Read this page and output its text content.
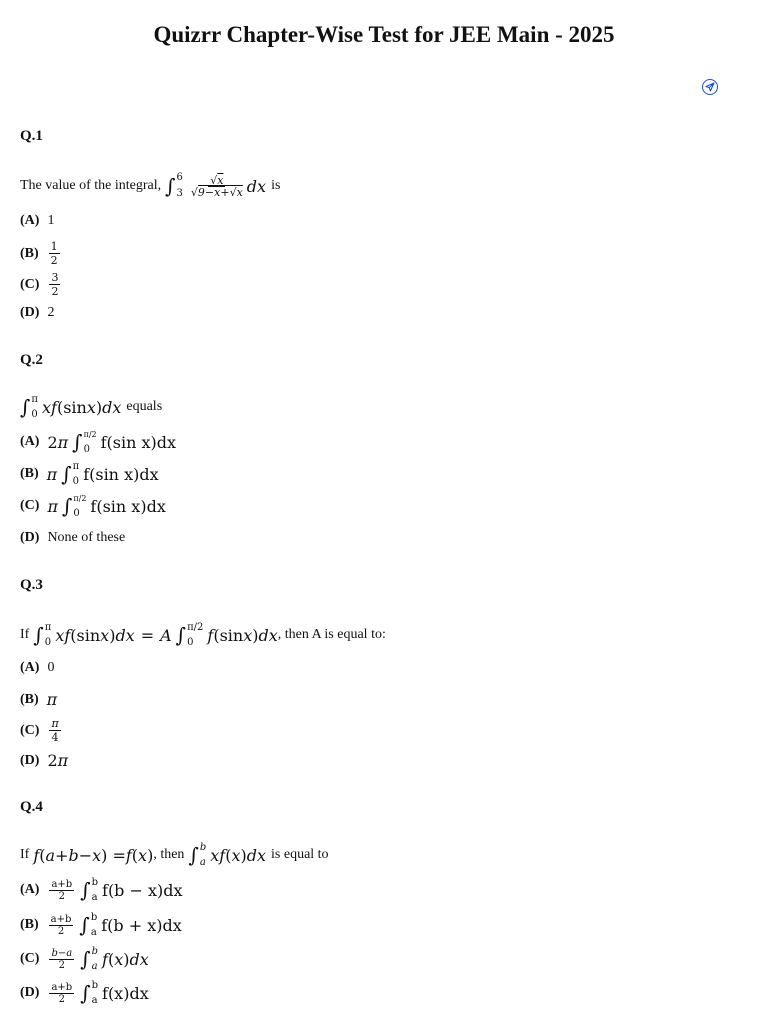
Quizrr Chapter-Wise Test for JEE Main - 2025
Q.1
The value of the integral, ∫ 6
$3 \frac{√x}{√9-x+√x}$ dx is
(A) 1
$(B) \frac{1}{2}$
$(C) \frac{3}{2}$
(D) 2
Q.2
∫ π
0 xf (sin x ) dx equals
(A) 2 π ∫ π/2
0 f(sin x)dx
(B) π ∫ π
0 f(sin x)dx
(C) π ∫ π/2
0 f(sin x)dx
(D) None of these
Q.3
If ∫ π
0 xf (sin x ) dx = A ∫ π/2
0 f (sin x ) dx , then A is equal to:
(A) 0
(B) π
$(C) \frac{\pi}{4}$
(D) 2 π
Q.4
If f ( a + b − x ) = f ( x ) , then ∫ b
a xf ( x ) dx is equal to
$(A) \frac{a+b}{2}$ ∫ b
a f(b − x)dx
$(B) \frac{a+b}{2}$ ∫ b
a f(b + x)dx
$(C) \frac{b-a}{2}$ ∫ b
a f ( x ) dx
$(D) \frac{a+b}{2}$ ∫ b
a f(x)dx
